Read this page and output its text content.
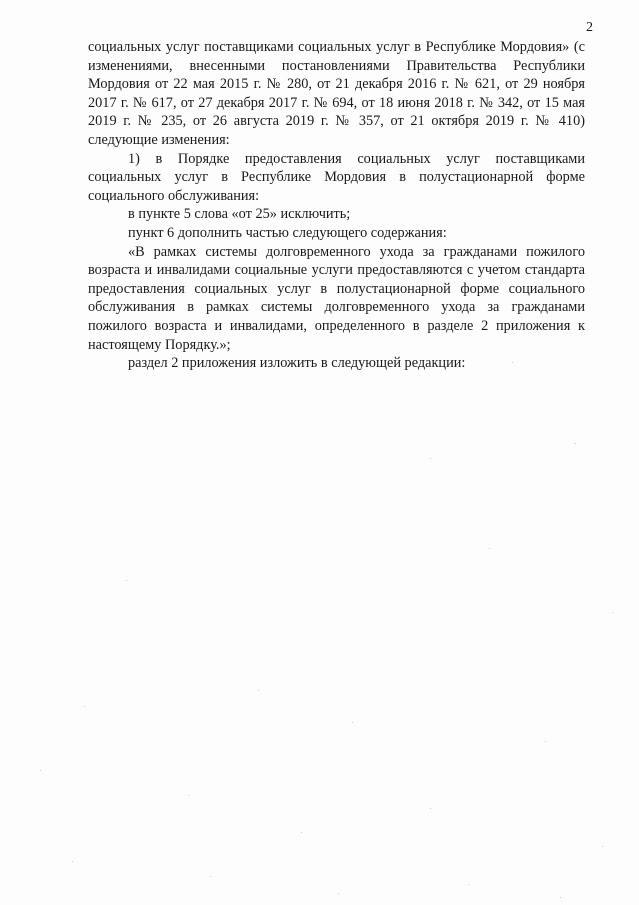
2

социальных услуг поставщиками социальных услуг в Республике Мордовия» (с изменениями, внесенными постановлениями Правительства Республики Мордовия от 22 мая 2015 г. № 280, от 21 декабря 2016 г. № 621, от 29 ноября 2017 г. № 617, от 27 декабря 2017 г. № 694, от 18 июня 2018 г. № 342, от 15 мая 2019 г. № 235, от 26 августа 2019 г. № 357, от 21 октября 2019 г. № 410) следующие изменения:

1) в Порядке предоставления социальных услуг поставщиками социальных услуг в Республике Мордовия в полустационарной форме социального обслуживания:

в пункте 5 слова «от 25» исключить;

пункт 6 дополнить частью следующего содержания:

«В рамках системы долговременного ухода за гражданами пожилого возраста и инвалидами социальные услуги предоставляются с учетом стандарта предоставления социальных услуг в полустационарной форме социального обслуживания в рамках системы долговременного ухода за гражданами пожилого возраста и инвалидами, определенного в разделе 2 приложения к настоящему Порядку.»;

раздел 2 приложения изложить в следующей редакции:
